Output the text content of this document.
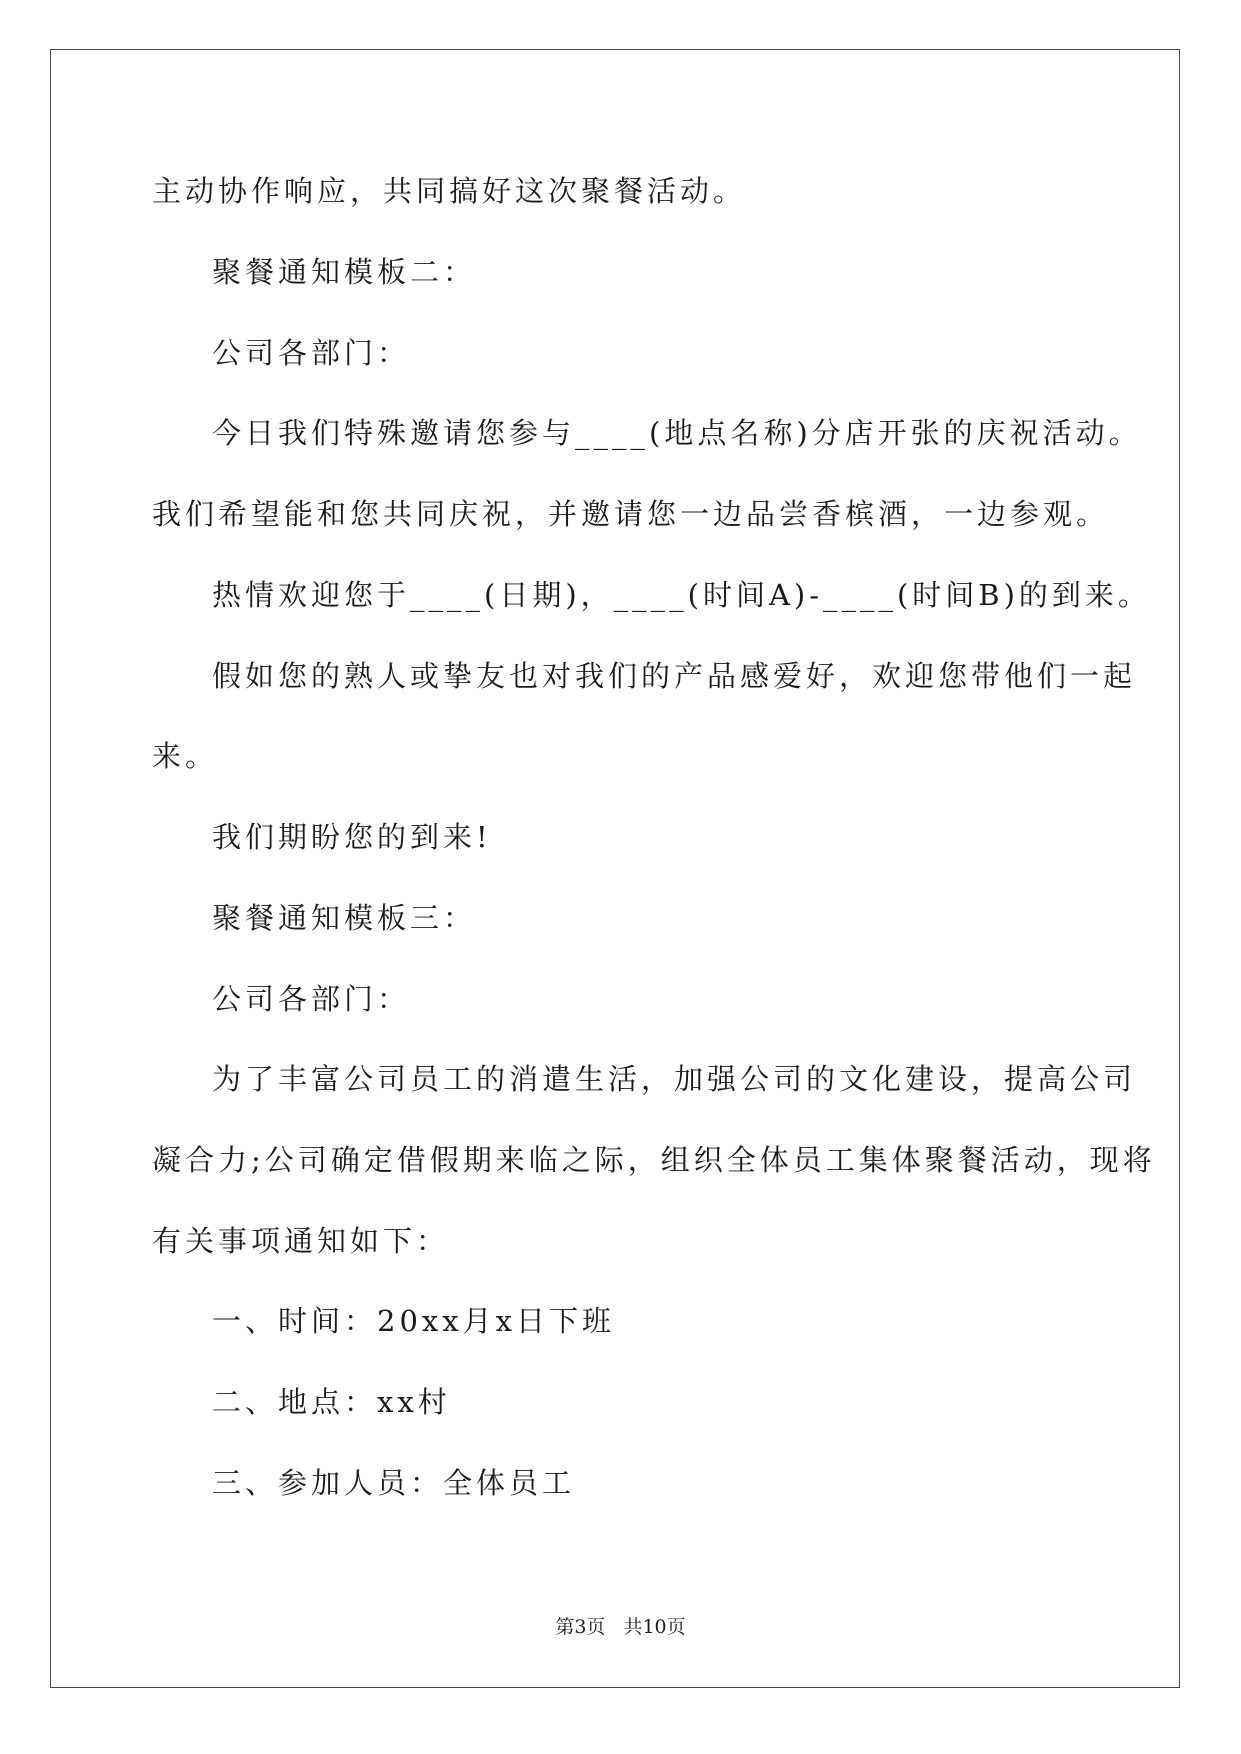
主动协作响应，共同搞好这次聚餐活动。
聚餐通知模板二：
公司各部门：
今日我们特殊邀请您参与____(地点名称)分店开张的庆祝活动。
我们希望能和您共同庆祝，并邀请您一边品尝香槟酒，一边参观。
热情欢迎您于____(日期)，____(时间A)-____(时间B)的到来。
假如您的熟人或挚友也对我们的产品感爱好，欢迎您带他们一起
来。
我们期盼您的到来!
聚餐通知模板三：
公司各部门：
为了丰富公司员工的消遣生活，加强公司的文化建设，提高公司
凝合力;公司确定借假期来临之际，组织全体员工集体聚餐活动，现将
有关事项通知如下：
一、时间：20xx月x日下班
二、地点：xx村
三、参加人员：全体员工
第3页 共10页
